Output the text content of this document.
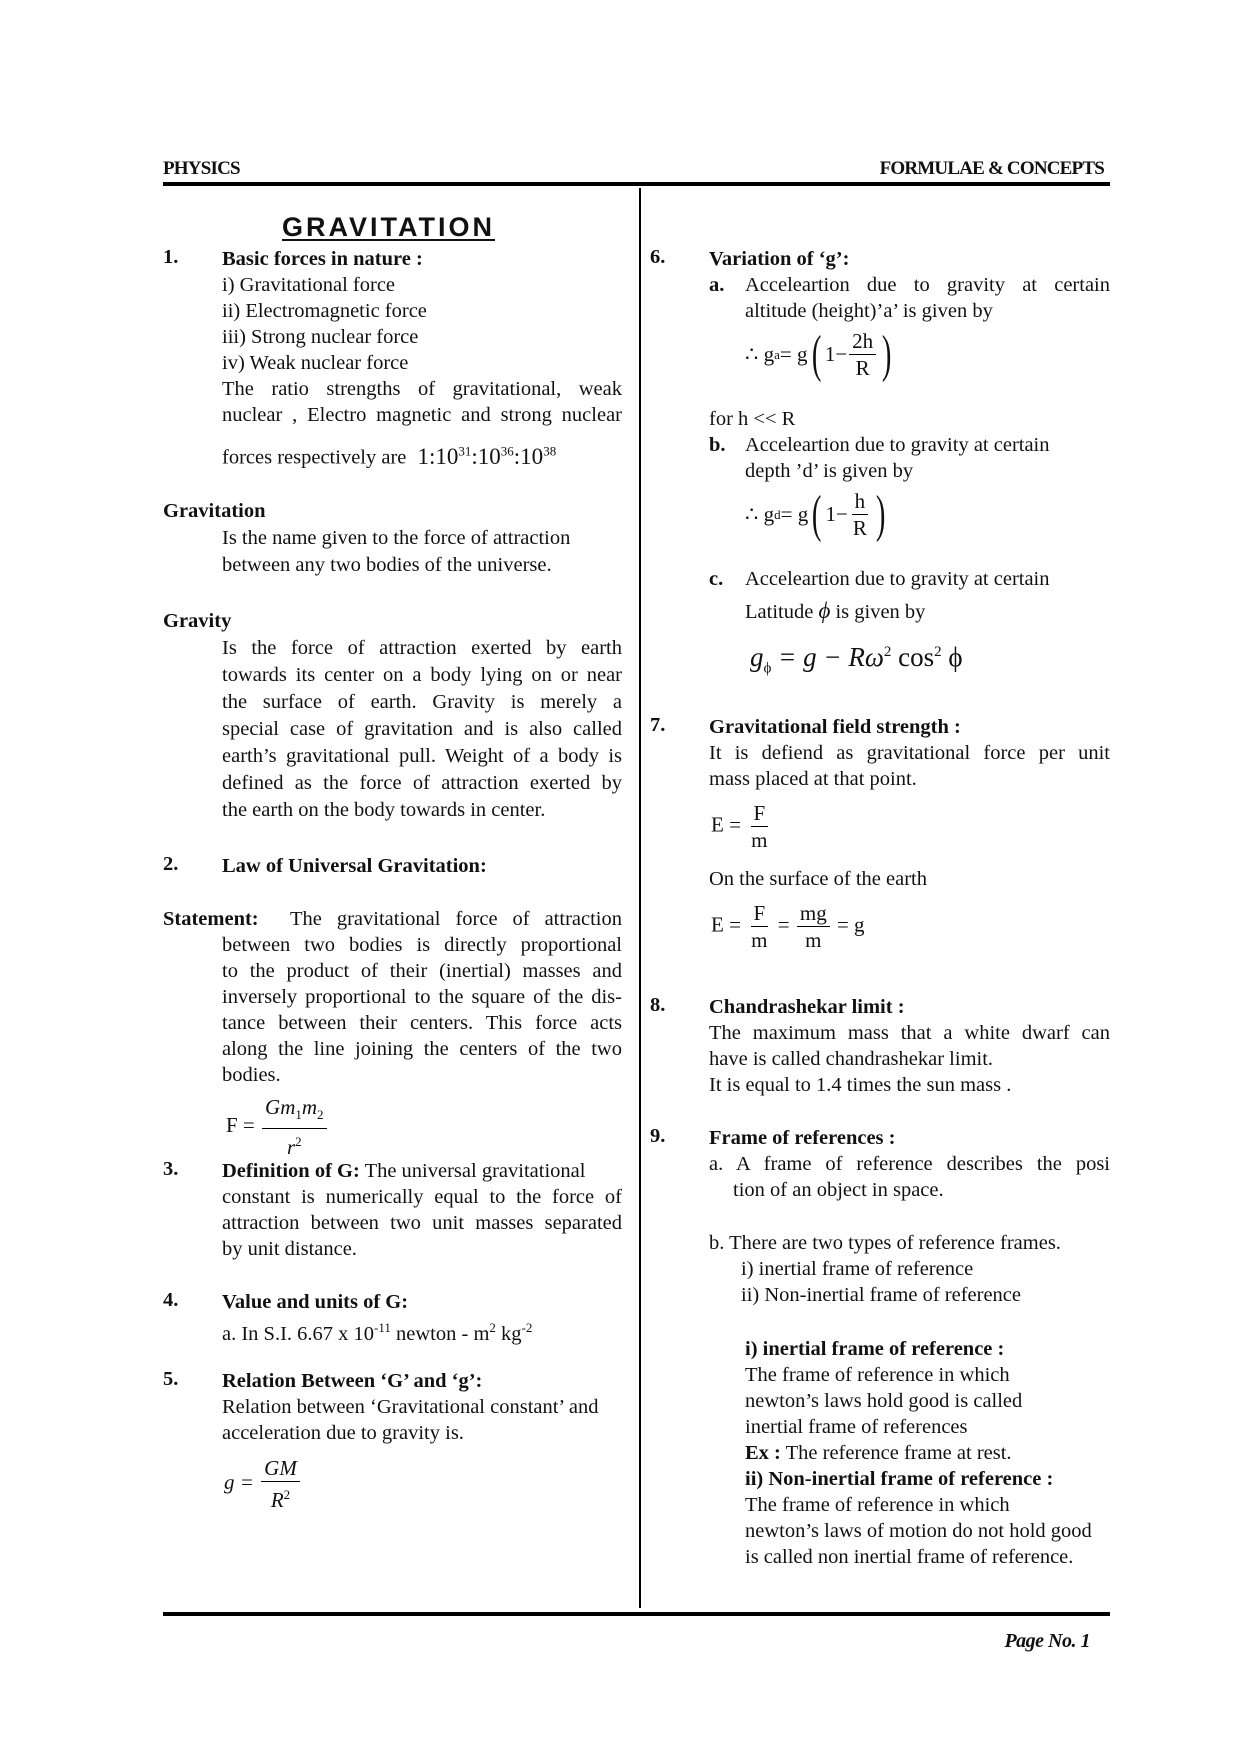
PHYSICS	FORMULAE & CONCEPTS
Page No. 1
GRAVITATION
1. Basic forces in nature :
i) Gravitational force
ii) Electromagnetic force
iii) Strong nuclear force
iv) Weak nuclear force
The ratio strengths of gravitational, weak
nuclear , Electro magnetic and strong nuclear
forces respectively are $1:10^{31}:10^{36}:10^{38}$
Gravitation
Is the name given to the force of attraction
between any two bodies of the universe.
Gravity
Is the force of attraction exerted by earth
towards its center on a body lying on or near
the surface of earth. Gravity is merely a
special case of gravitation and is also called
earth’s gravitational pull. Weight of a body is
defined as the force of attraction exerted by
the earth on the body towards in center.
2. Law of Universal Gravitation:
Statement: The gravitational force of attraction
between two bodies is directly proportional
to the product of their (inertial) masses and
inversely proportional to the square of the dis-
tance between their centers. This force acts
along the line joining the centers of the two
bodies.
$F = \frac{Gm_1m_2}{r^2}$
3. Definition of G: The universal gravitational
constant is numerically equal to the force of
attraction between two unit masses separated
by unit distance.
4. Value and units of G:
a. In S.I. 6.67 x $10^{-11}$ newton - $m^2$ $kg^{-2}$
5. Relation Between ‘G’ and ‘g’:
Relation between ‘Gravitational constant’ and
acceleration due to gravity is.
$g = \frac{GM}{R^2}$
6. Variation of ‘g’:
a. Acceleartion due to gravity at certain
altitude (height)’a’ is given by
∴ g a = g ( $1- \frac{2h}{R}$ )
for h << R
b. Acceleartion due to gravity at certain
depth ’d’ is given by
∴ g d = g ( $1- \frac{h}{R}$ )
c. Acceleartion due to gravity at certain
Latitude ϕ is given by
$g_\phi = g - R\omega^2$ $\cos^2 \phi$
7. Gravitational field strength :
It is defiend as gravitational force per unit
mass placed at that point.
$E = \frac{F}{m}$
On the surface of the earth
$E = \frac{F}{m} = \frac{mg}{m} = g$
8. Chandrashekar limit :
The maximum mass that a white dwarf can
have is called chandrashekar limit.
It is equal to 1.4 times the sun mass .
9. Frame of references :
a. A frame of reference describes the posi
tion of an object in space.
b. There are two types of reference frames.
i) inertial frame of reference
ii) Non-inertial frame of reference
i) inertial frame of reference :
The frame of reference in which
newton’s laws hold good is called
inertial frame of references
Ex : The reference frame at rest.
ii) Non-inertial frame of reference :
The frame of reference in which
newton’s laws of motion do not hold good
is called non inertial frame of reference.
